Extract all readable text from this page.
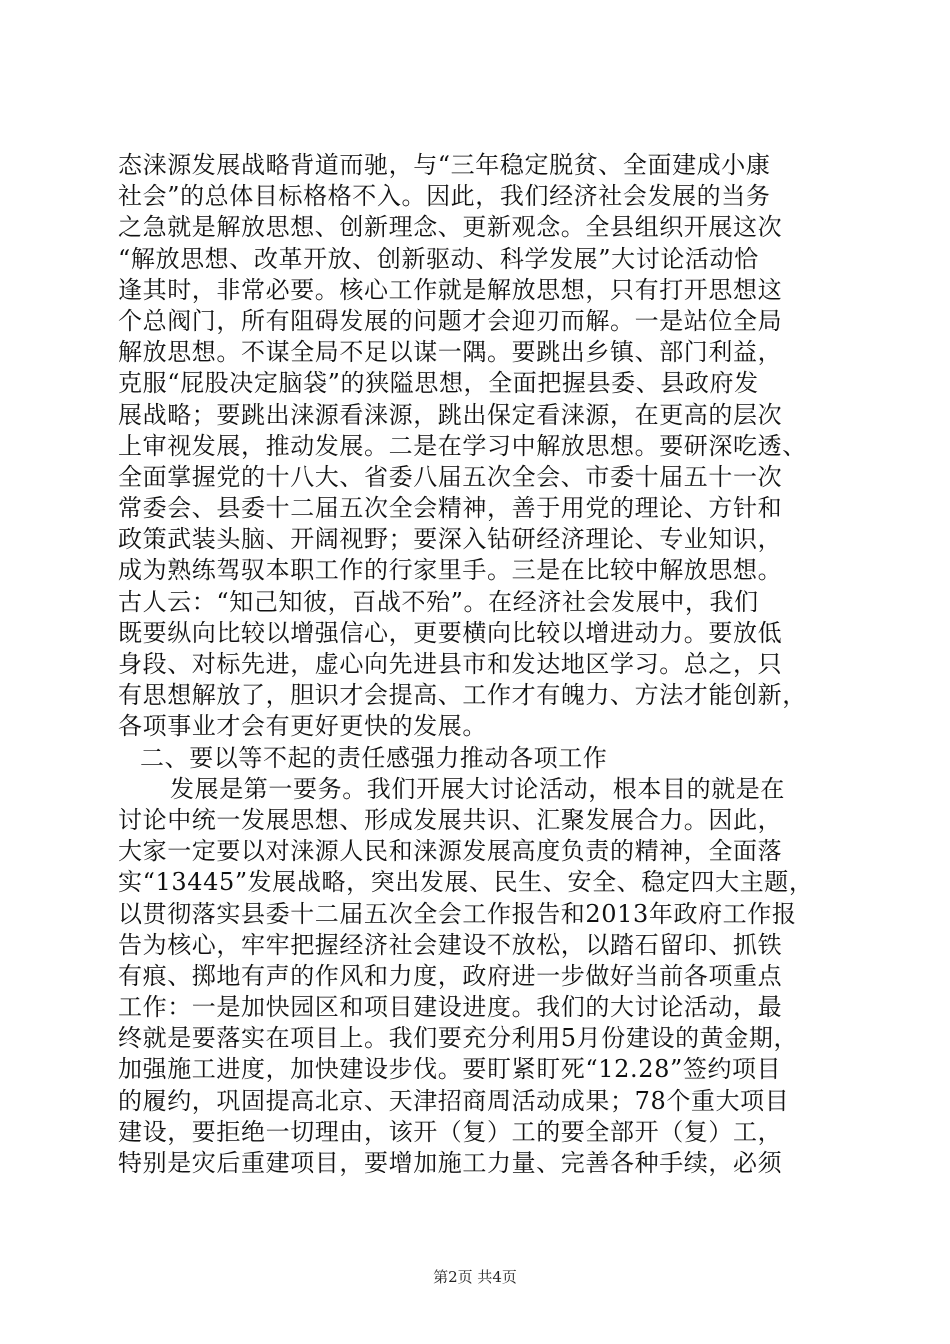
态涞源发展战略背道而驰，与“三年稳定脱贫、全面建成小康
社会”的总体目标格格不入。因此，我们经济社会发展的当务
之急就是解放思想、创新理念、更新观念。全县组织开展这次
“解放思想、改革开放、创新驱动、科学发展”大讨论活动恰
逢其时，非常必要。核心工作就是解放思想，只有打开思想这
个总阀门，所有阻碍发展的问题才会迎刃而解。一是站位全局
解放思想。不谋全局不足以谋一隅。要跳出乡镇、部门利益，
克服“屁股决定脑袋”的狭隘思想，全面把握县委、县政府发
展战略；要跳出涞源看涞源，跳出保定看涞源，在更高的层次
上审视发展，推动发展。二是在学习中解放思想。要研深吃透、
全面掌握党的十八大、省委八届五次全会、市委十届五十一次
常委会、县委十二届五次全会精神，善于用党的理论、方针和
政策武装头脑、开阔视野；要深入钻研经济理论、专业知识，
成为熟练驾驭本职工作的行家里手。三是在比较中解放思想。
古人云：“知己知彼，百战不殆”。在经济社会发展中，我们
既要纵向比较以增强信心，更要横向比较以增进动力。要放低
身段、对标先进，虚心向先进县市和发达地区学习。总之，只
有思想解放了，胆识才会提高、工作才有魄力、方法才能创新，
各项事业才会有更好更快的发展。
二、要以等不起的责任感强力推动各项工作
发展是第一要务。我们开展大讨论活动，根本目的就是在
讨论中统一发展思想、形成发展共识、汇聚发展合力。因此，
大家一定要以对涞源人民和涞源发展高度负责的精神，全面落
实“13445”发展战略，突出发展、民生、安全、稳定四大主题，
以贯彻落实县委十二届五次全会工作报告和2013年政府工作报
告为核心，牢牢把握经济社会建设不放松，以踏石留印、抓铁
有痕、掷地有声的作风和力度，政府进一步做好当前各项重点
工作：一是加快园区和项目建设进度。我们的大讨论活动，最
终就是要落实在项目上。我们要充分利用5月份建设的黄金期，
加强施工进度，加快建设步伐。要盯紧盯死“12.28”签约项目
的履约，巩固提高北京、天津招商周活动成果；78个重大项目
建设，要拒绝一切理由，该开（复）工的要全部开（复）工，
特别是灾后重建项目，要增加施工力量、完善各种手续，必须
第2页 共4页
